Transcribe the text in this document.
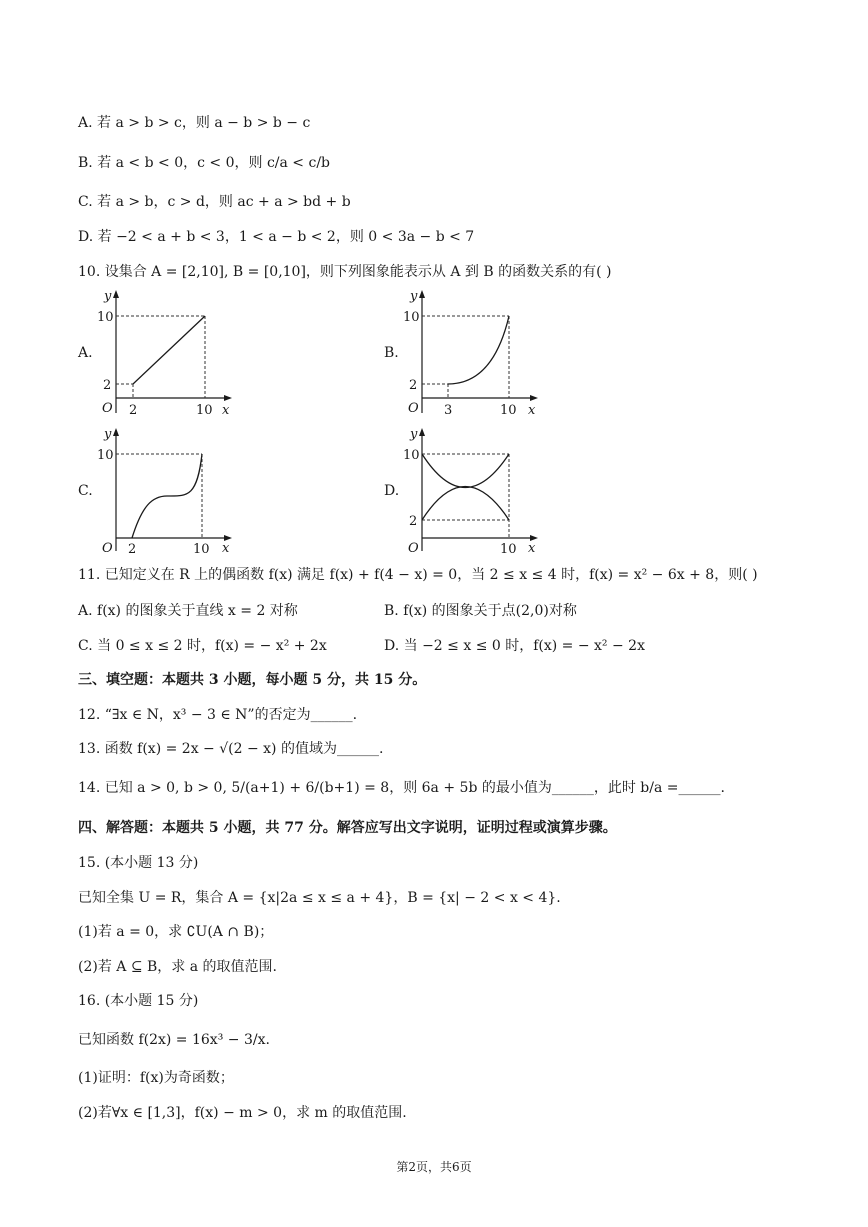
A. 若 a > b > c，则 a − b > b − c
B. 若 a < b < 0，c < 0，则 c/a < c/b
C. 若 a > b，c > d，则 ac + a > bd + b
D. 若 −2 < a + b < 3，1 < a − b < 2，则 0 < 3a − b < 7
10. 设集合 A = [2,10], B = [0,10]，则下列图象能表示从 A 到 B 的函数关系的有( )
A.
y
x
O
10
2
2	10
B.
y
x
O
10
2
3	10
C.
y
x
O
10
2	10
D.
y
x
O
10
2
10
11. 已知定义在 R 上的偶函数 f(x) 满足 f(x) + f(4 − x) = 0，当 2 ≤ x ≤ 4 时，f(x) = x² − 6x + 8，则( )
A. f(x) 的图象关于直线 x = 2 对称	B. f(x) 的图象关于点(2,0)对称
C. 当 0 ≤ x ≤ 2 时，f(x) = − x² + 2x	D. 当 −2 ≤ x ≤ 0 时，f(x) = − x² − 2x
三、填空题：本题共 3 小题，每小题 5 分，共 15 分。
12. “∃x ∈ N，x³ − 3 ∈ N”的否定为______.
13. 函数 f(x) = 2x − √(2 − x) 的值域为______.
14. 已知 a > 0, b > 0, 5/(a+1) + 6/(b+1) = 8，则 6a + 5b 的最小值为______，此时 b/a =______.
四、解答题：本题共 5 小题，共 77 分。解答应写出文字说明，证明过程或演算步骤。
15. (本小题 13 分)
已知全集 U = R，集合 A = {x|2a ≤ x ≤ a + 4}，B = {x| − 2 < x < 4}.
(1)若 a = 0，求 ∁U(A ∩ B)；
(2)若 A ⊆ B，求 a 的取值范围.
16. (本小题 15 分)
已知函数 f(2x) = 16x³ − 3/x.
(1)证明：f(x)为奇函数；
(2)若∀x ∈ [1,3]，f(x) − m > 0，求 m 的取值范围.
第2页，共6页
